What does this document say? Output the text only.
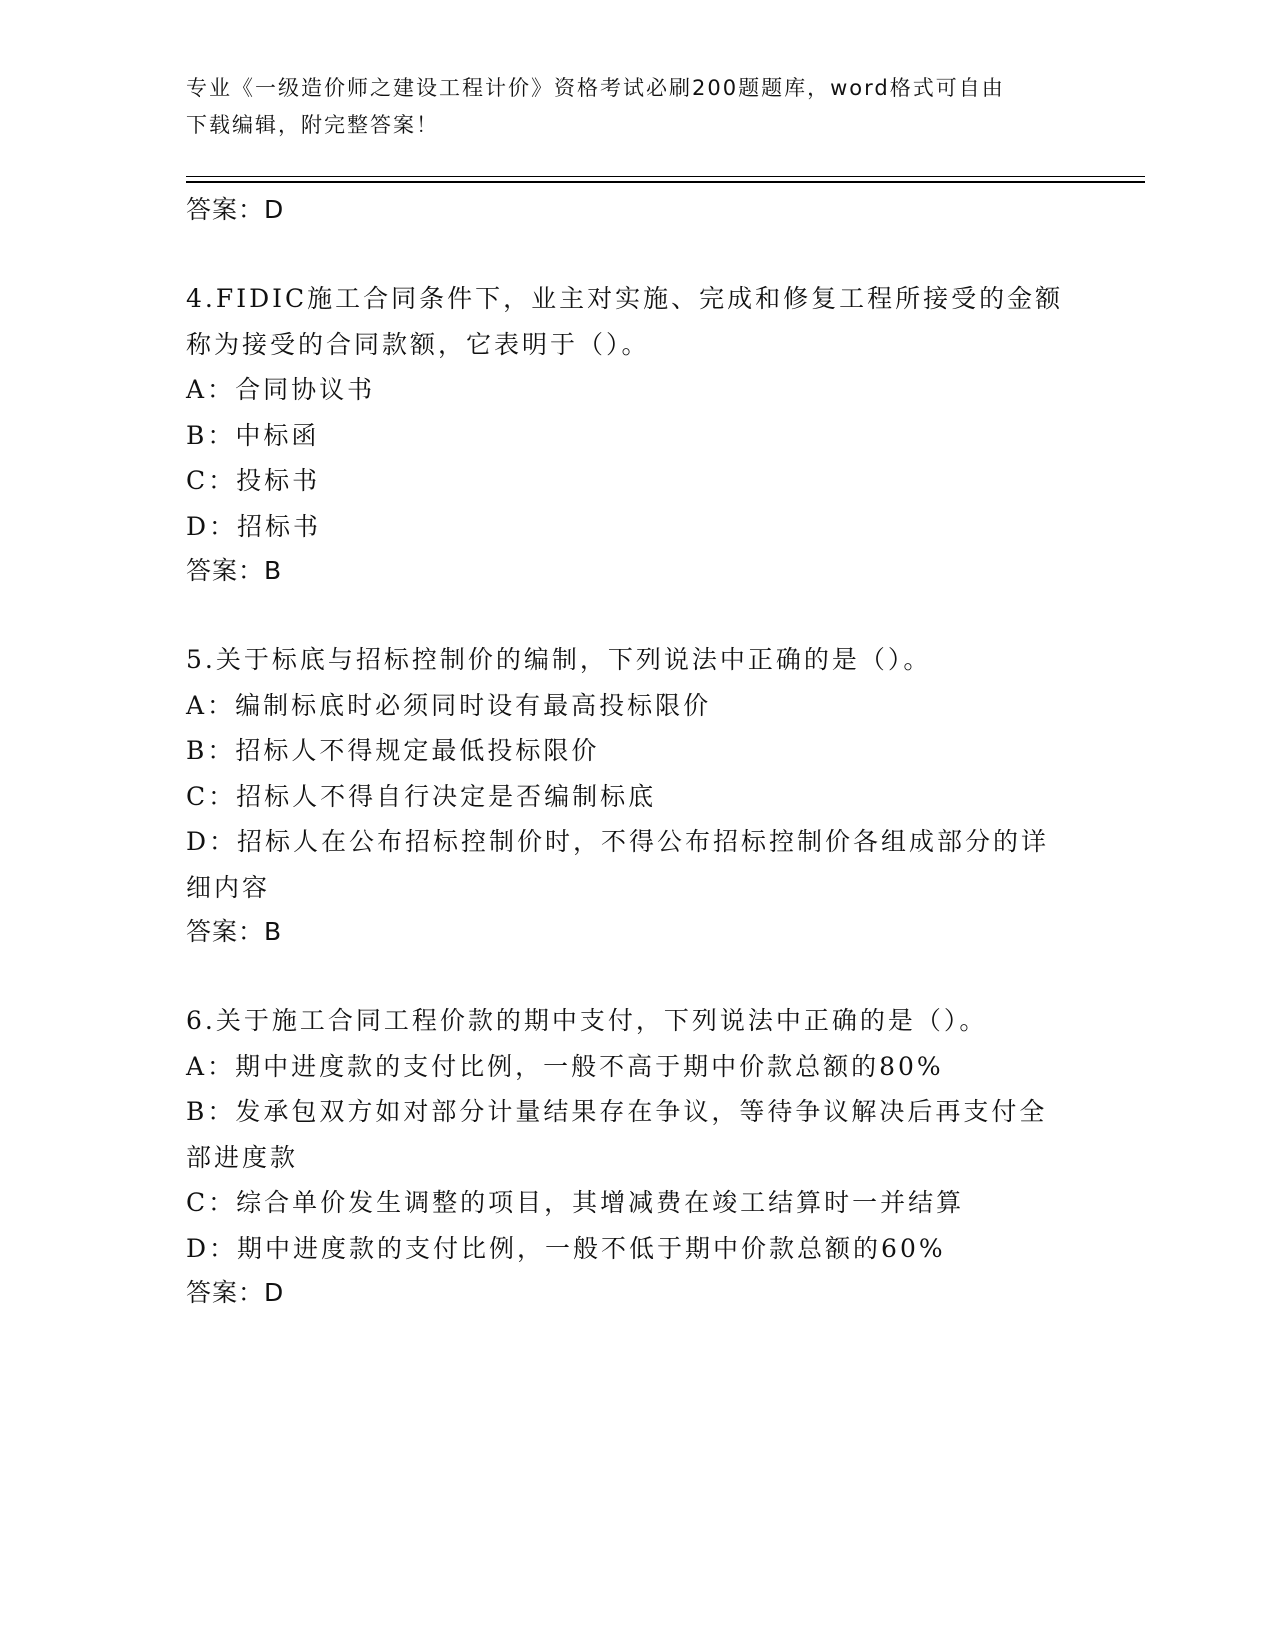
专业《一级造价师之建设工程计价》资格考试必刷200题题库，word格式可自由
下载编辑，附完整答案！

答案：D

4.FIDIC施工合同条件下，业主对实施、完成和修复工程所接受的金额

称为接受的合同款额，它表明于（）。

A：合同协议书

B：中标函

C：投标书

D：招标书

答案：B

5.关于标底与招标控制价的编制，下列说法中正确的是（）。

A：编制标底时必须同时设有最高投标限价

B：招标人不得规定最低投标限价

C：招标人不得自行决定是否编制标底

D：招标人在公布招标控制价时，不得公布招标控制价各组成部分的详

细内容

答案：B

6.关于施工合同工程价款的期中支付，下列说法中正确的是（）。

A：期中进度款的支付比例，一般不高于期中价款总额的80%

B：发承包双方如对部分计量结果存在争议，等待争议解决后再支付全

部进度款

C：综合单价发生调整的项目，其增减费在竣工结算时一并结算

D：期中进度款的支付比例，一般不低于期中价款总额的60%

答案：D
